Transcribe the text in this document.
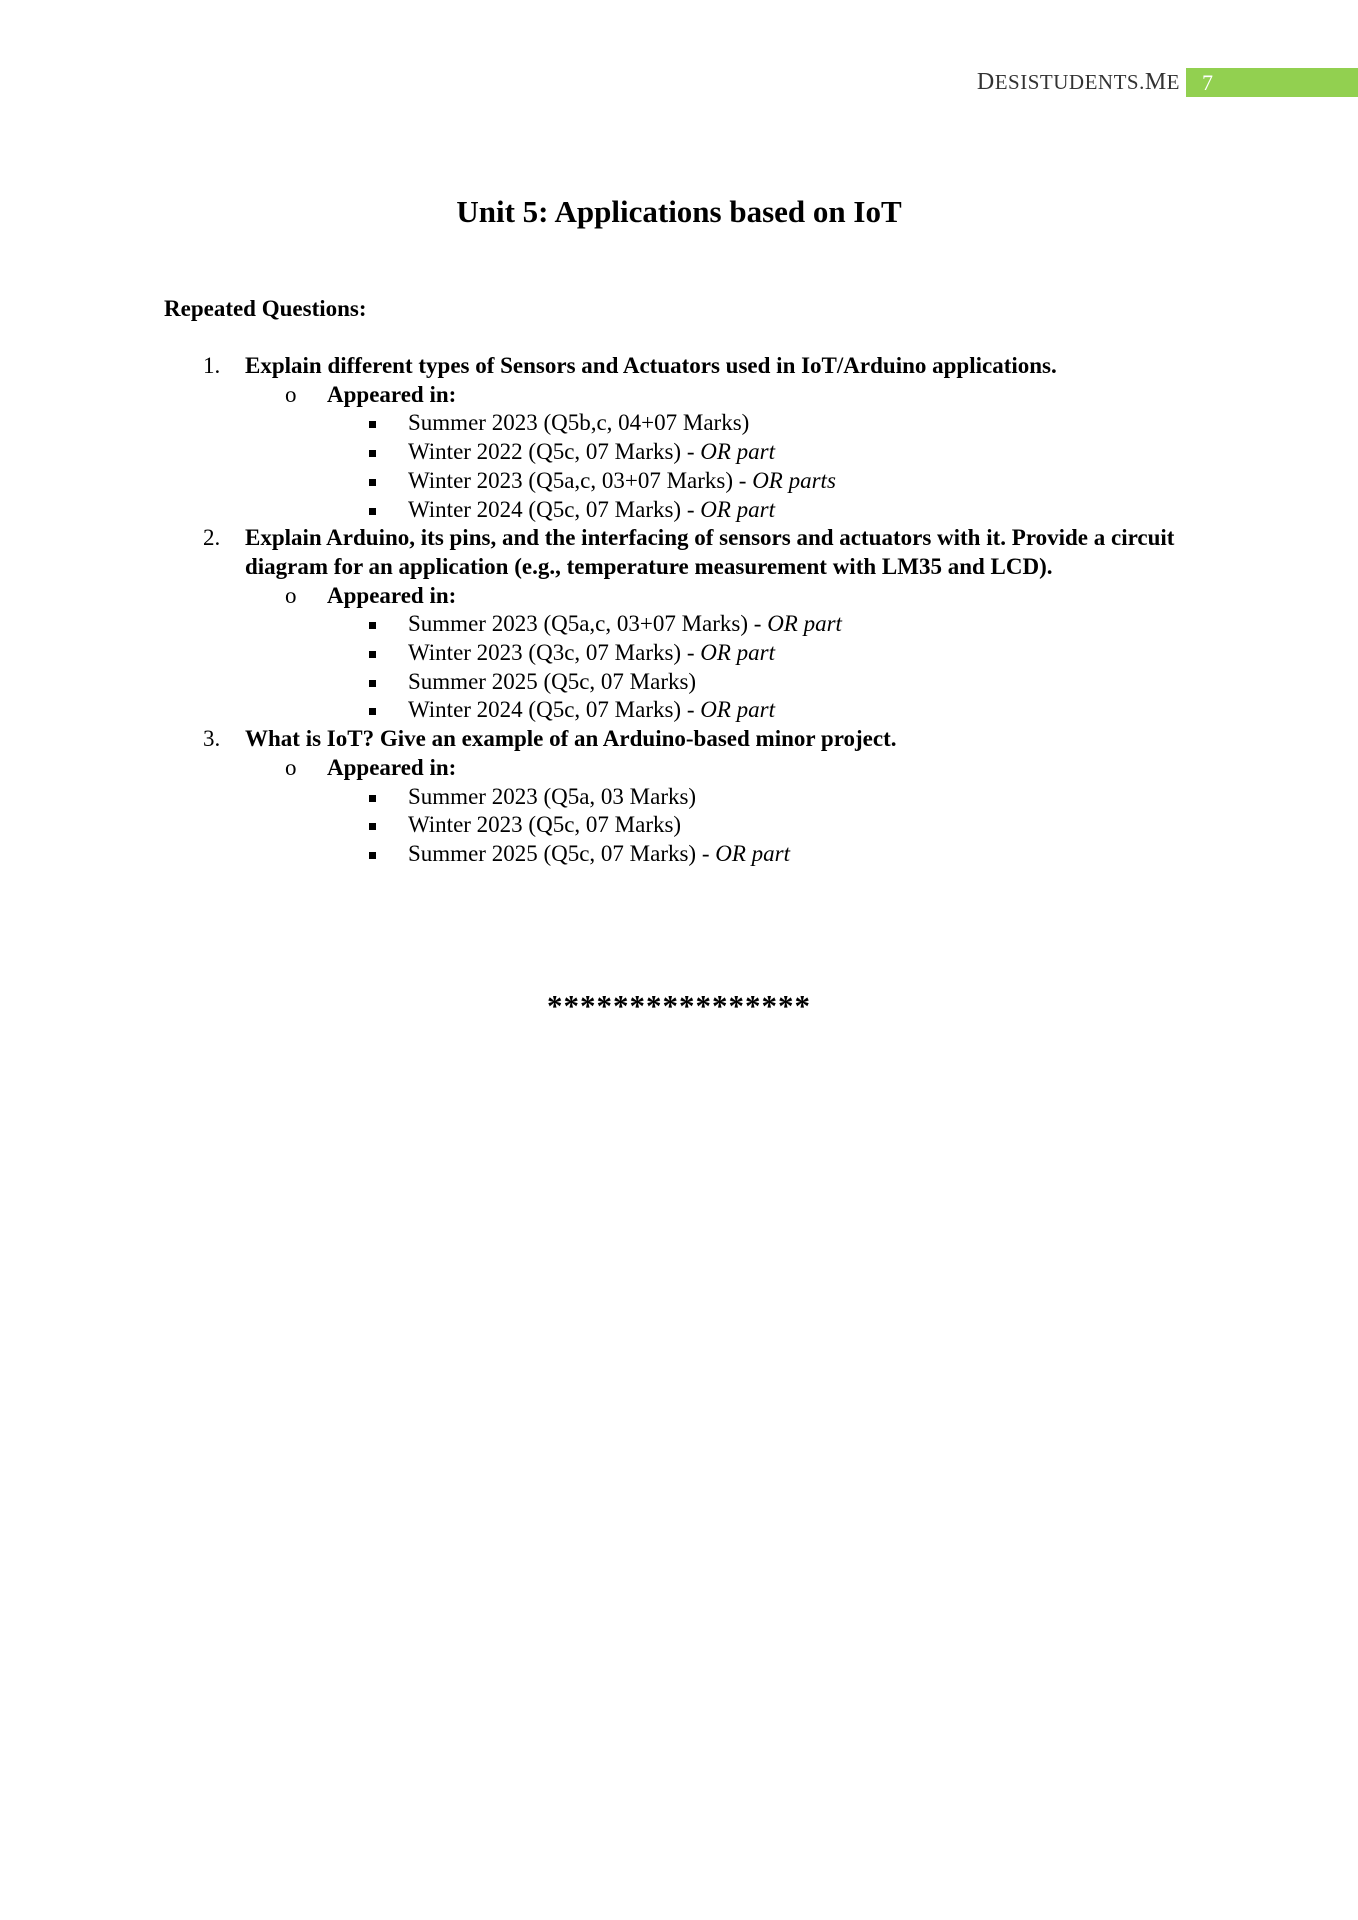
DESISTUDENTS.ME	7
Unit 5: Applications based on IoT
Repeated Questions:
1. Explain different types of Sensors and Actuators used in IoT/Arduino applications.
o Appeared in:
Summer 2023 (Q5b,c, 04+07 Marks)
Winter 2022 (Q5c, 07 Marks) - OR part
Winter 2023 (Q5a,c, 03+07 Marks) - OR parts
Winter 2024 (Q5c, 07 Marks) - OR part
2. Explain Arduino, its pins, and the interfacing of sensors and actuators with it. Provide a circuit diagram for an application (e.g., temperature measurement with LM35 and LCD).
o Appeared in:
Summer 2023 (Q5a,c, 03+07 Marks) - OR part
Winter 2023 (Q3c, 07 Marks) - OR part
Summer 2025 (Q5c, 07 Marks)
Winter 2024 (Q5c, 07 Marks) - OR part
3. What is IoT? Give an example of an Arduino-based minor project.
o Appeared in:
Summer 2023 (Q5a, 03 Marks)
Winter 2023 (Q5c, 07 Marks)
Summer 2025 (Q5c, 07 Marks) - OR part
****************
